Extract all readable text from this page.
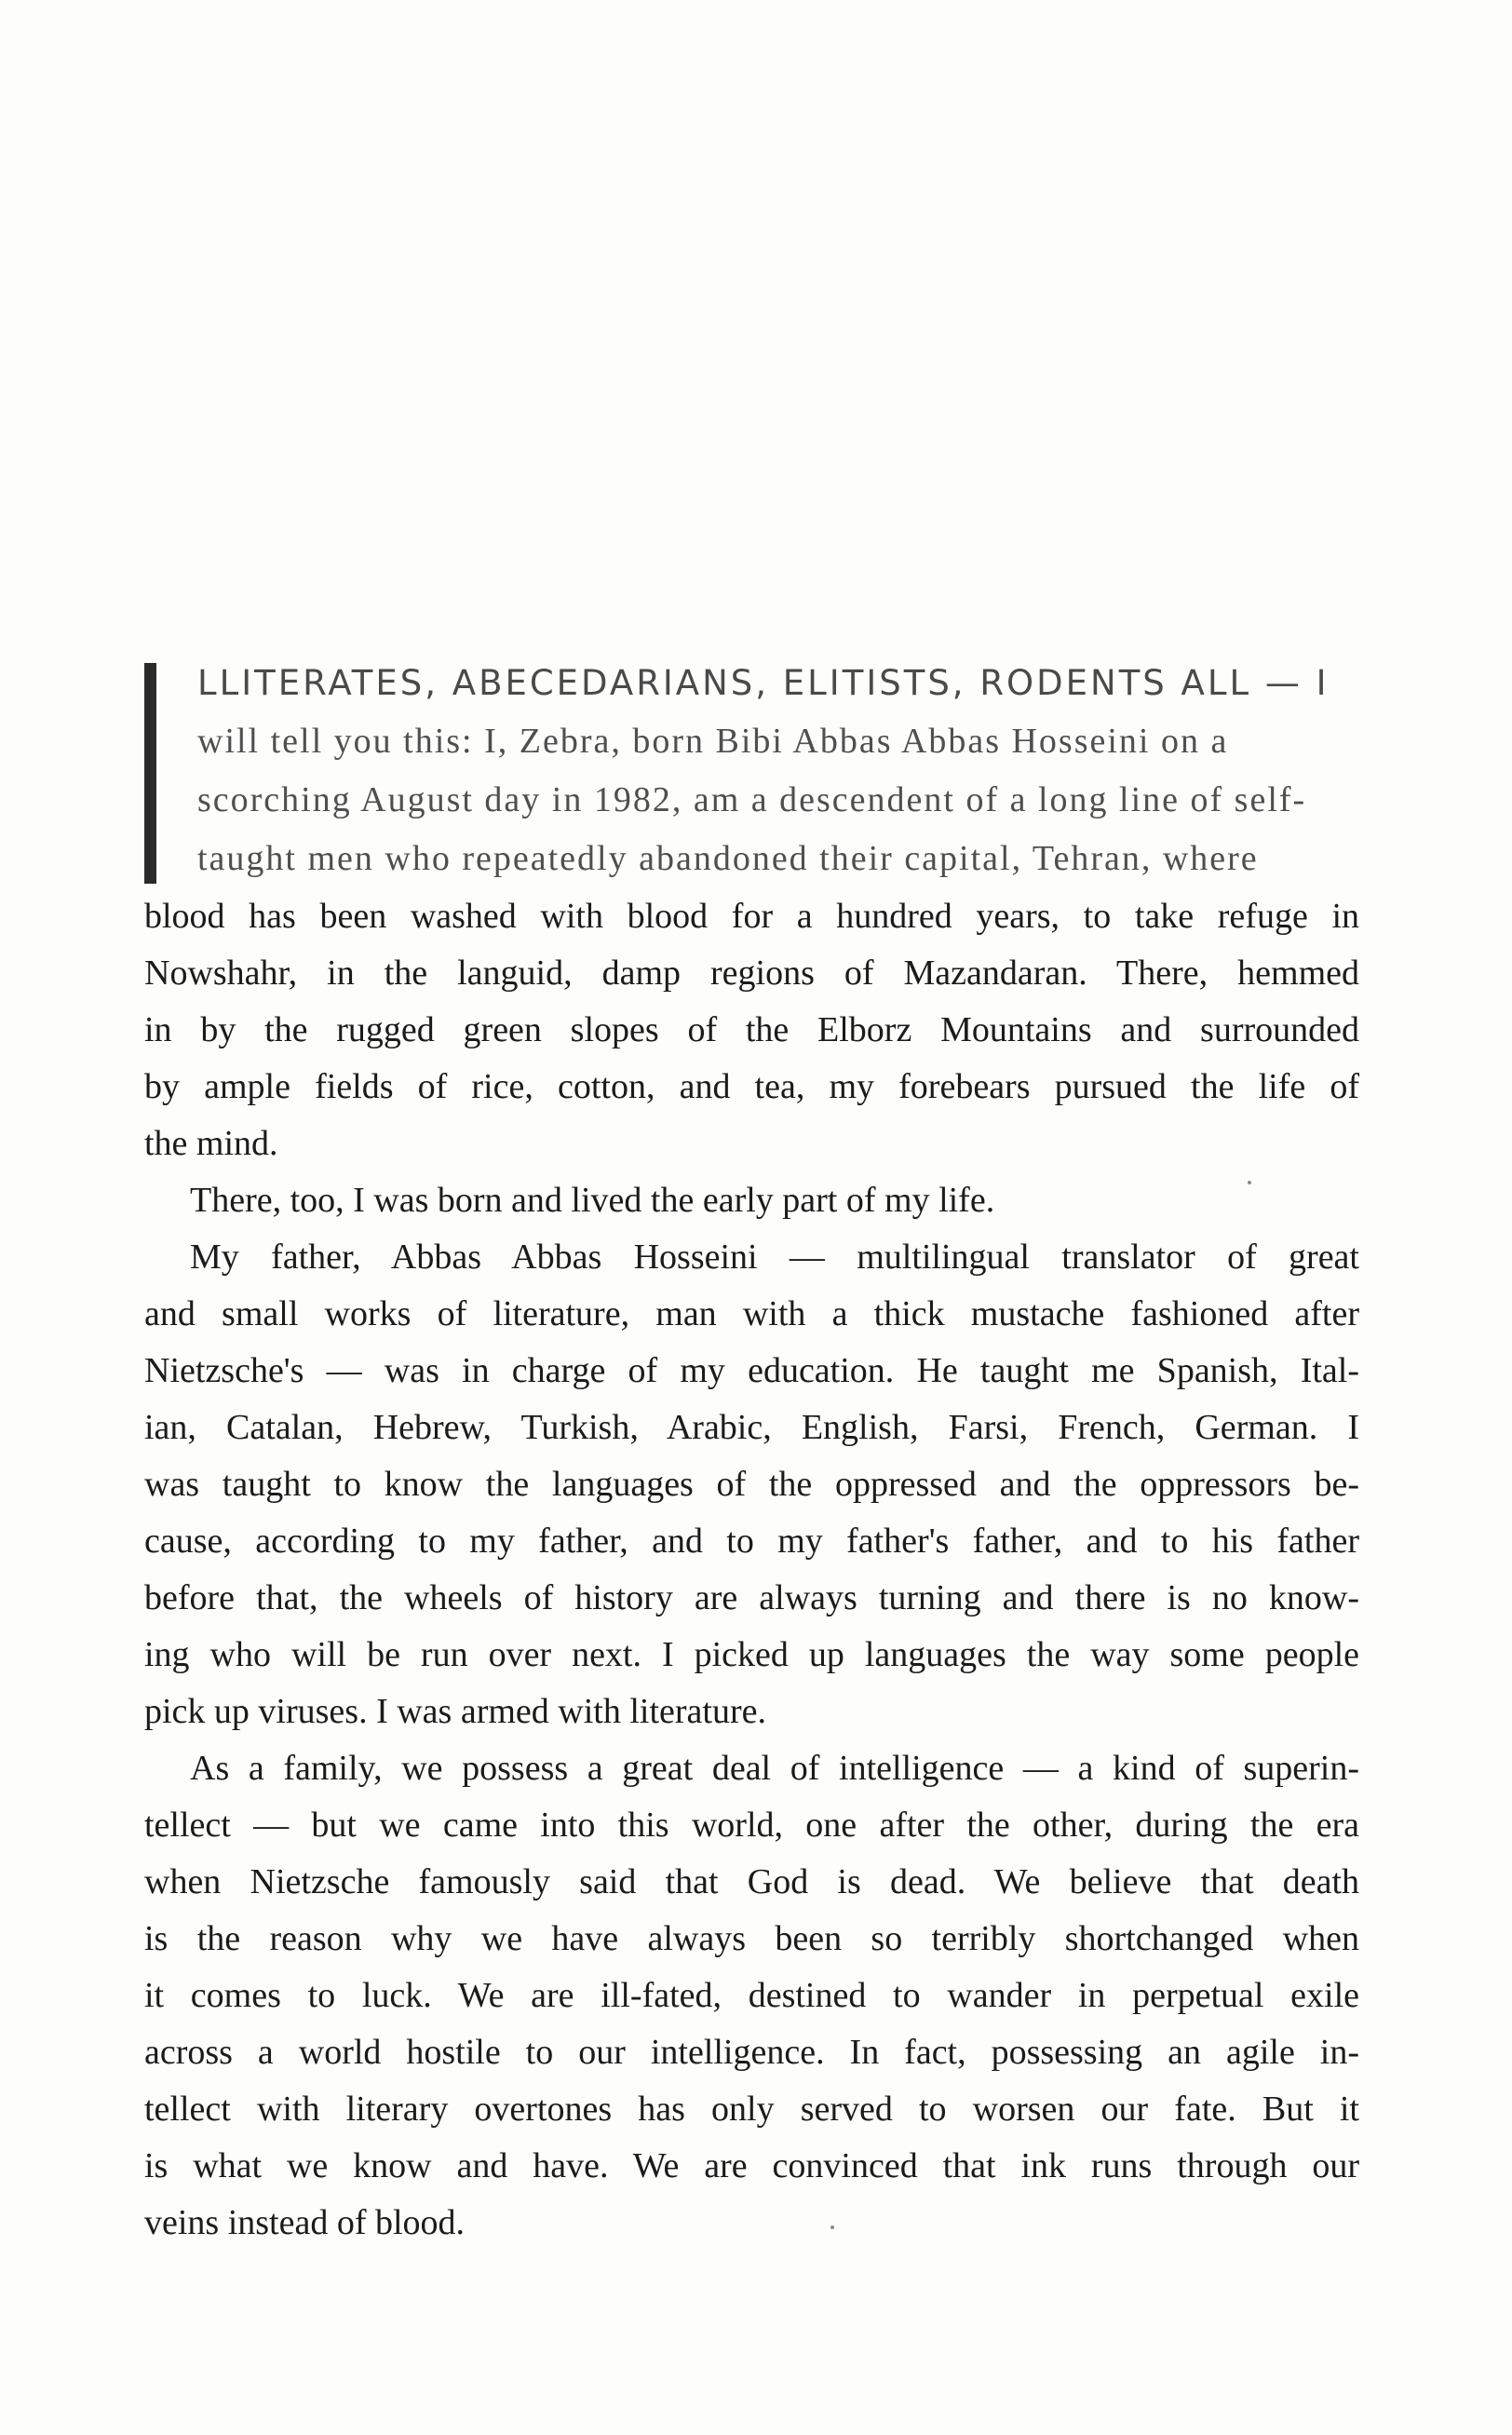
LLITERATES, ABECEDARIANS, ELITISTS, RODENTS ALL — I
will tell you this: I, Zebra, born Bibi Abbas Abbas Hosseini on a
scorching August day in 1982, am a descendent of a long line of self-
taught men who repeatedly abandoned their capital, Tehran, where
blood has been washed with blood for a hundred years, to take refuge in
Nowshahr, in the languid, damp regions of Mazandaran. There, hemmed
in by the rugged green slopes of the Elborz Mountains and surrounded
by ample fields of rice, cotton, and tea, my forebears pursued the life of
the mind.
There, too, I was born and lived the early part of my life.
My father, Abbas Abbas Hosseini — multilingual translator of great
and small works of literature, man with a thick mustache fashioned after
Nietzsche's — was in charge of my education. He taught me Spanish, Ital-
ian, Catalan, Hebrew, Turkish, Arabic, English, Farsi, French, German. I
was taught to know the languages of the oppressed and the oppressors be-
cause, according to my father, and to my father's father, and to his father
before that, the wheels of history are always turning and there is no know-
ing who will be run over next. I picked up languages the way some people
pick up viruses. I was armed with literature.
As a family, we possess a great deal of intelligence — a kind of superin-
tellect — but we came into this world, one after the other, during the era
when Nietzsche famously said that God is dead. We believe that death
is the reason why we have always been so terribly shortchanged when
it comes to luck. We are ill-fated, destined to wander in perpetual exile
across a world hostile to our intelligence. In fact, possessing an agile in-
tellect with literary overtones has only served to worsen our fate. But it
is what we know and have. We are convinced that ink runs through our
veins instead of blood.
